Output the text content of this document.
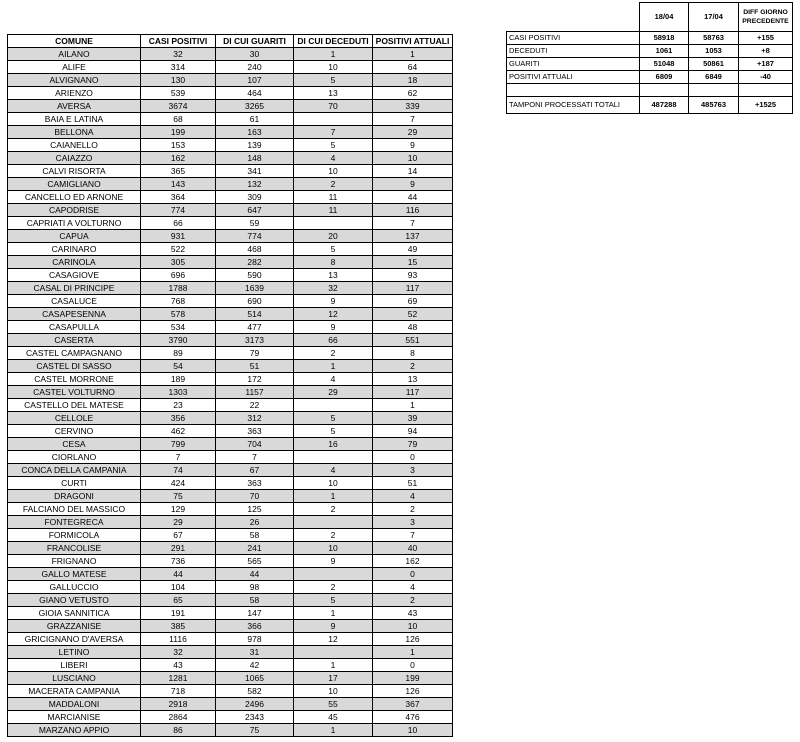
COMUNE	CASI POSITIVI	DI CUI GUARITI	DI CUI DECEDUTI	POSITIVI ATTUALI
AILANO	32	30	1	1
ALIFE	314	240	10	64
ALVIGNANO	130	107	5	18
ARIENZO	539	464	13	62
AVERSA	3674	3265	70	339
BAIA E LATINA	68	61		7
BELLONA	199	163	7	29
CAIANELLO	153	139	5	9
CAIAZZO	162	148	4	10
CALVI RISORTA	365	341	10	14
CAMIGLIANO	143	132	2	9
CANCELLO ED ARNONE	364	309	11	44
CAPODRISE	774	647	11	116
CAPRIATI A VOLTURNO	66	59		7
CAPUA	931	774	20	137
CARINARO	522	468	5	49
CARINOLA	305	282	8	15
CASAGIOVE	696	590	13	93
CASAL DI PRINCIPE	1788	1639	32	117
CASALUCE	768	690	9	69
CASAPESENNA	578	514	12	52
CASAPULLA	534	477	9	48
CASERTA	3790	3173	66	551
CASTEL CAMPAGNANO	89	79	2	8
CASTEL DI SASSO	54	51	1	2
CASTEL MORRONE	189	172	4	13
CASTEL VOLTURNO	1303	1157	29	117
CASTELLO DEL MATESE	23	22		1
CELLOLE	356	312	5	39
CERVINO	462	363	5	94
CESA	799	704	16	79
CIORLANO	7	7		0
CONCA DELLA CAMPANIA	74	67	4	3
CURTI	424	363	10	51
DRAGONI	75	70	1	4
FALCIANO DEL MASSICO	129	125	2	2
FONTEGRECA	29	26		3
FORMICOLA	67	58	2	7
FRANCOLISE	291	241	10	40
FRIGNANO	736	565	9	162
GALLO MATESE	44	44		0
GALLUCCIO	104	98	2	4
GIANO VETUSTO	65	58	5	2
GIOIA SANNITICA	191	147	1	43
GRAZZANISE	385	366	9	10
GRICIGNANO D'AVERSA	1116	978	12	126
LETINO	32	31		1
LIBERI	43	42	1	0
LUSCIANO	1281	1065	17	199
MACERATA CAMPANIA	718	582	10	126
MADDALONI	2918	2496	55	367
MARCIANISE	2864	2343	45	476
MARZANO APPIO	86	75	1	10
	18/04	17/04	DIFF GIORNO PRECEDENTE
CASI POSITIVI	58918	58763	+155
DECEDUTI	1061	1053	+8
GUARITI	51048	50861	+187
POSITIVI ATTUALI	6809	6849	-40

TAMPONI PROCESSATI TOTALI	487288	485763	+1525
